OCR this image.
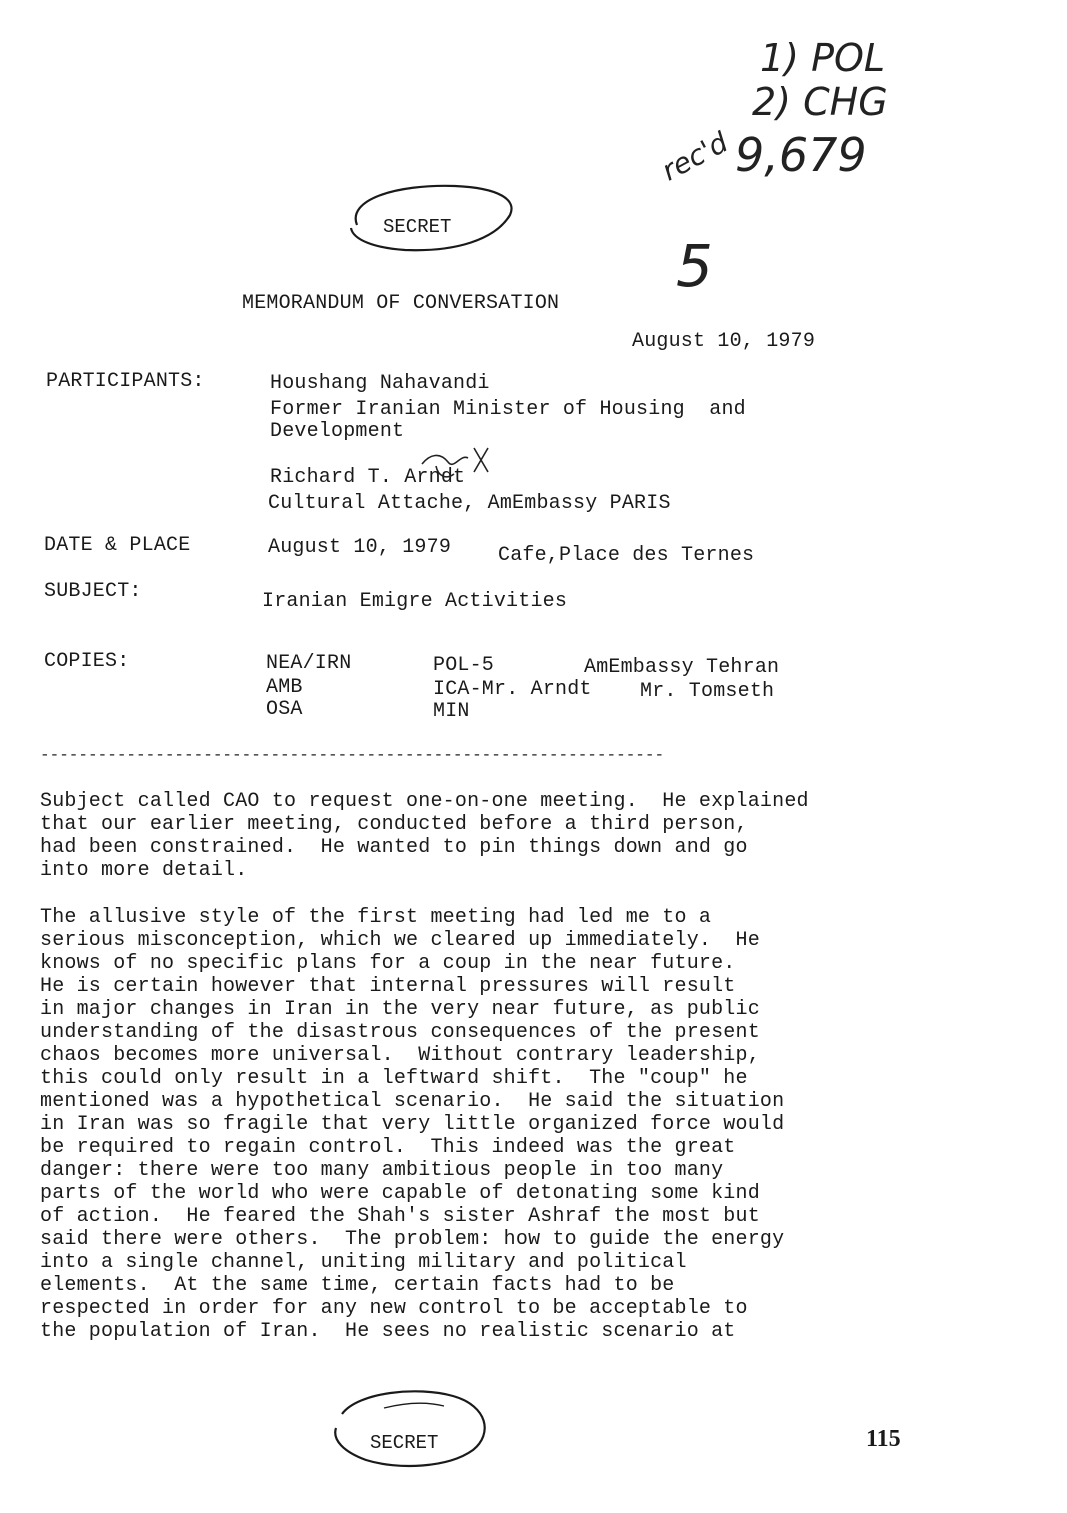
1) POL
2) CHG
9,679
rec'd
5
SECRET
MEMORANDUM OF CONVERSATION
August 10, 1979
PARTICIPANTS:	Houshang Nahavandi
Former Iranian Minister of Housing  and
Development
Richard T. Arndt
Cultural Attache, AmEmbassy PARIS
DATE & PLACE	August 10, 1979 Cafe,Place des Ternes
SUBJECT:	Iranian Emigre Activities
COPIES:	NEA/IRN
AMB
OSA
POL-5
ICA-Mr. Arndt
MIN
AmEmbassy Tehran
Mr. Tomseth
-----------------------------------------------------------------
Subject called CAO to request one-on-one meeting.  He explained
that our earlier meeting, conducted before a third person,
had been constrained.  He wanted to pin things down and go
into more detail.
The allusive style of the first meeting had led me to a
serious misconception, which we cleared up immediately.  He
knows of no specific plans for a coup in the near future.
He is certain however that internal pressures will result
in major changes in Iran in the very near future, as public
understanding of the disastrous consequences of the present
chaos becomes more universal.  Without contrary leadership,
this could only result in a leftward shift.  The "coup" he
mentioned was a hypothetical scenario.  He said the situation
in Iran was so fragile that very little organized force would
be required to regain control.  This indeed was the great
danger: there were too many ambitious people in too many
parts of the world who were capable of detonating some kind
of action.  He feared the Shah's sister Ashraf the most but
said there were others.  The problem: how to guide the energy
into a single channel, uniting military and political
elements.  At the same time, certain facts had to be
respected in order for any new control to be acceptable to
the population of Iran.  He sees no realistic scenario at
SECRET	115
